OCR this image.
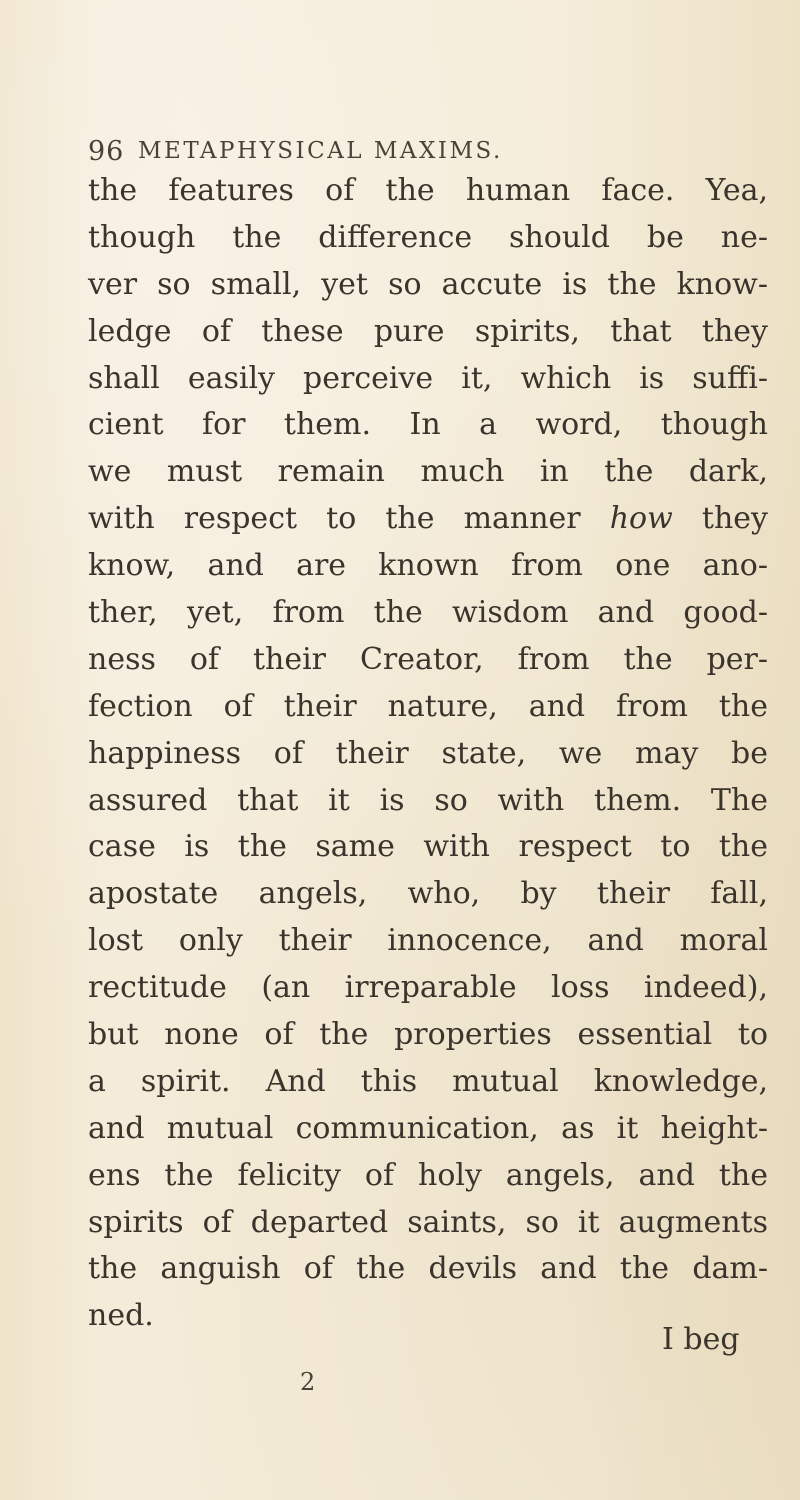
96 METAPHYSICAL MAXIMS.
the features of the human face. Yea,
though the difference should be ne-
ver so small, yet so accute is the know-
ledge of these pure spirits, that they
shall easily perceive it, which is suffi-
cient for them. In a word, though
we must remain much in the dark,
with respect to the manner how they
know, and are known from one ano-
ther, yet, from the wisdom and good-
ness of their Creator, from the per-
fection of their nature, and from the
happiness of their state, we may be
assured that it is so with them. The
case is the same with respect to the
apostate angels, who, by their fall,
lost only their innocence, and moral
rectitude (an irreparable loss indeed),
but none of the properties essential to
a spirit. And this mutual knowledge,
and mutual communication, as it height-
ens the felicity of holy angels, and the
spirits of departed saints, so it augments
the anguish of the devils and the dam-
ned.
I beg
2
